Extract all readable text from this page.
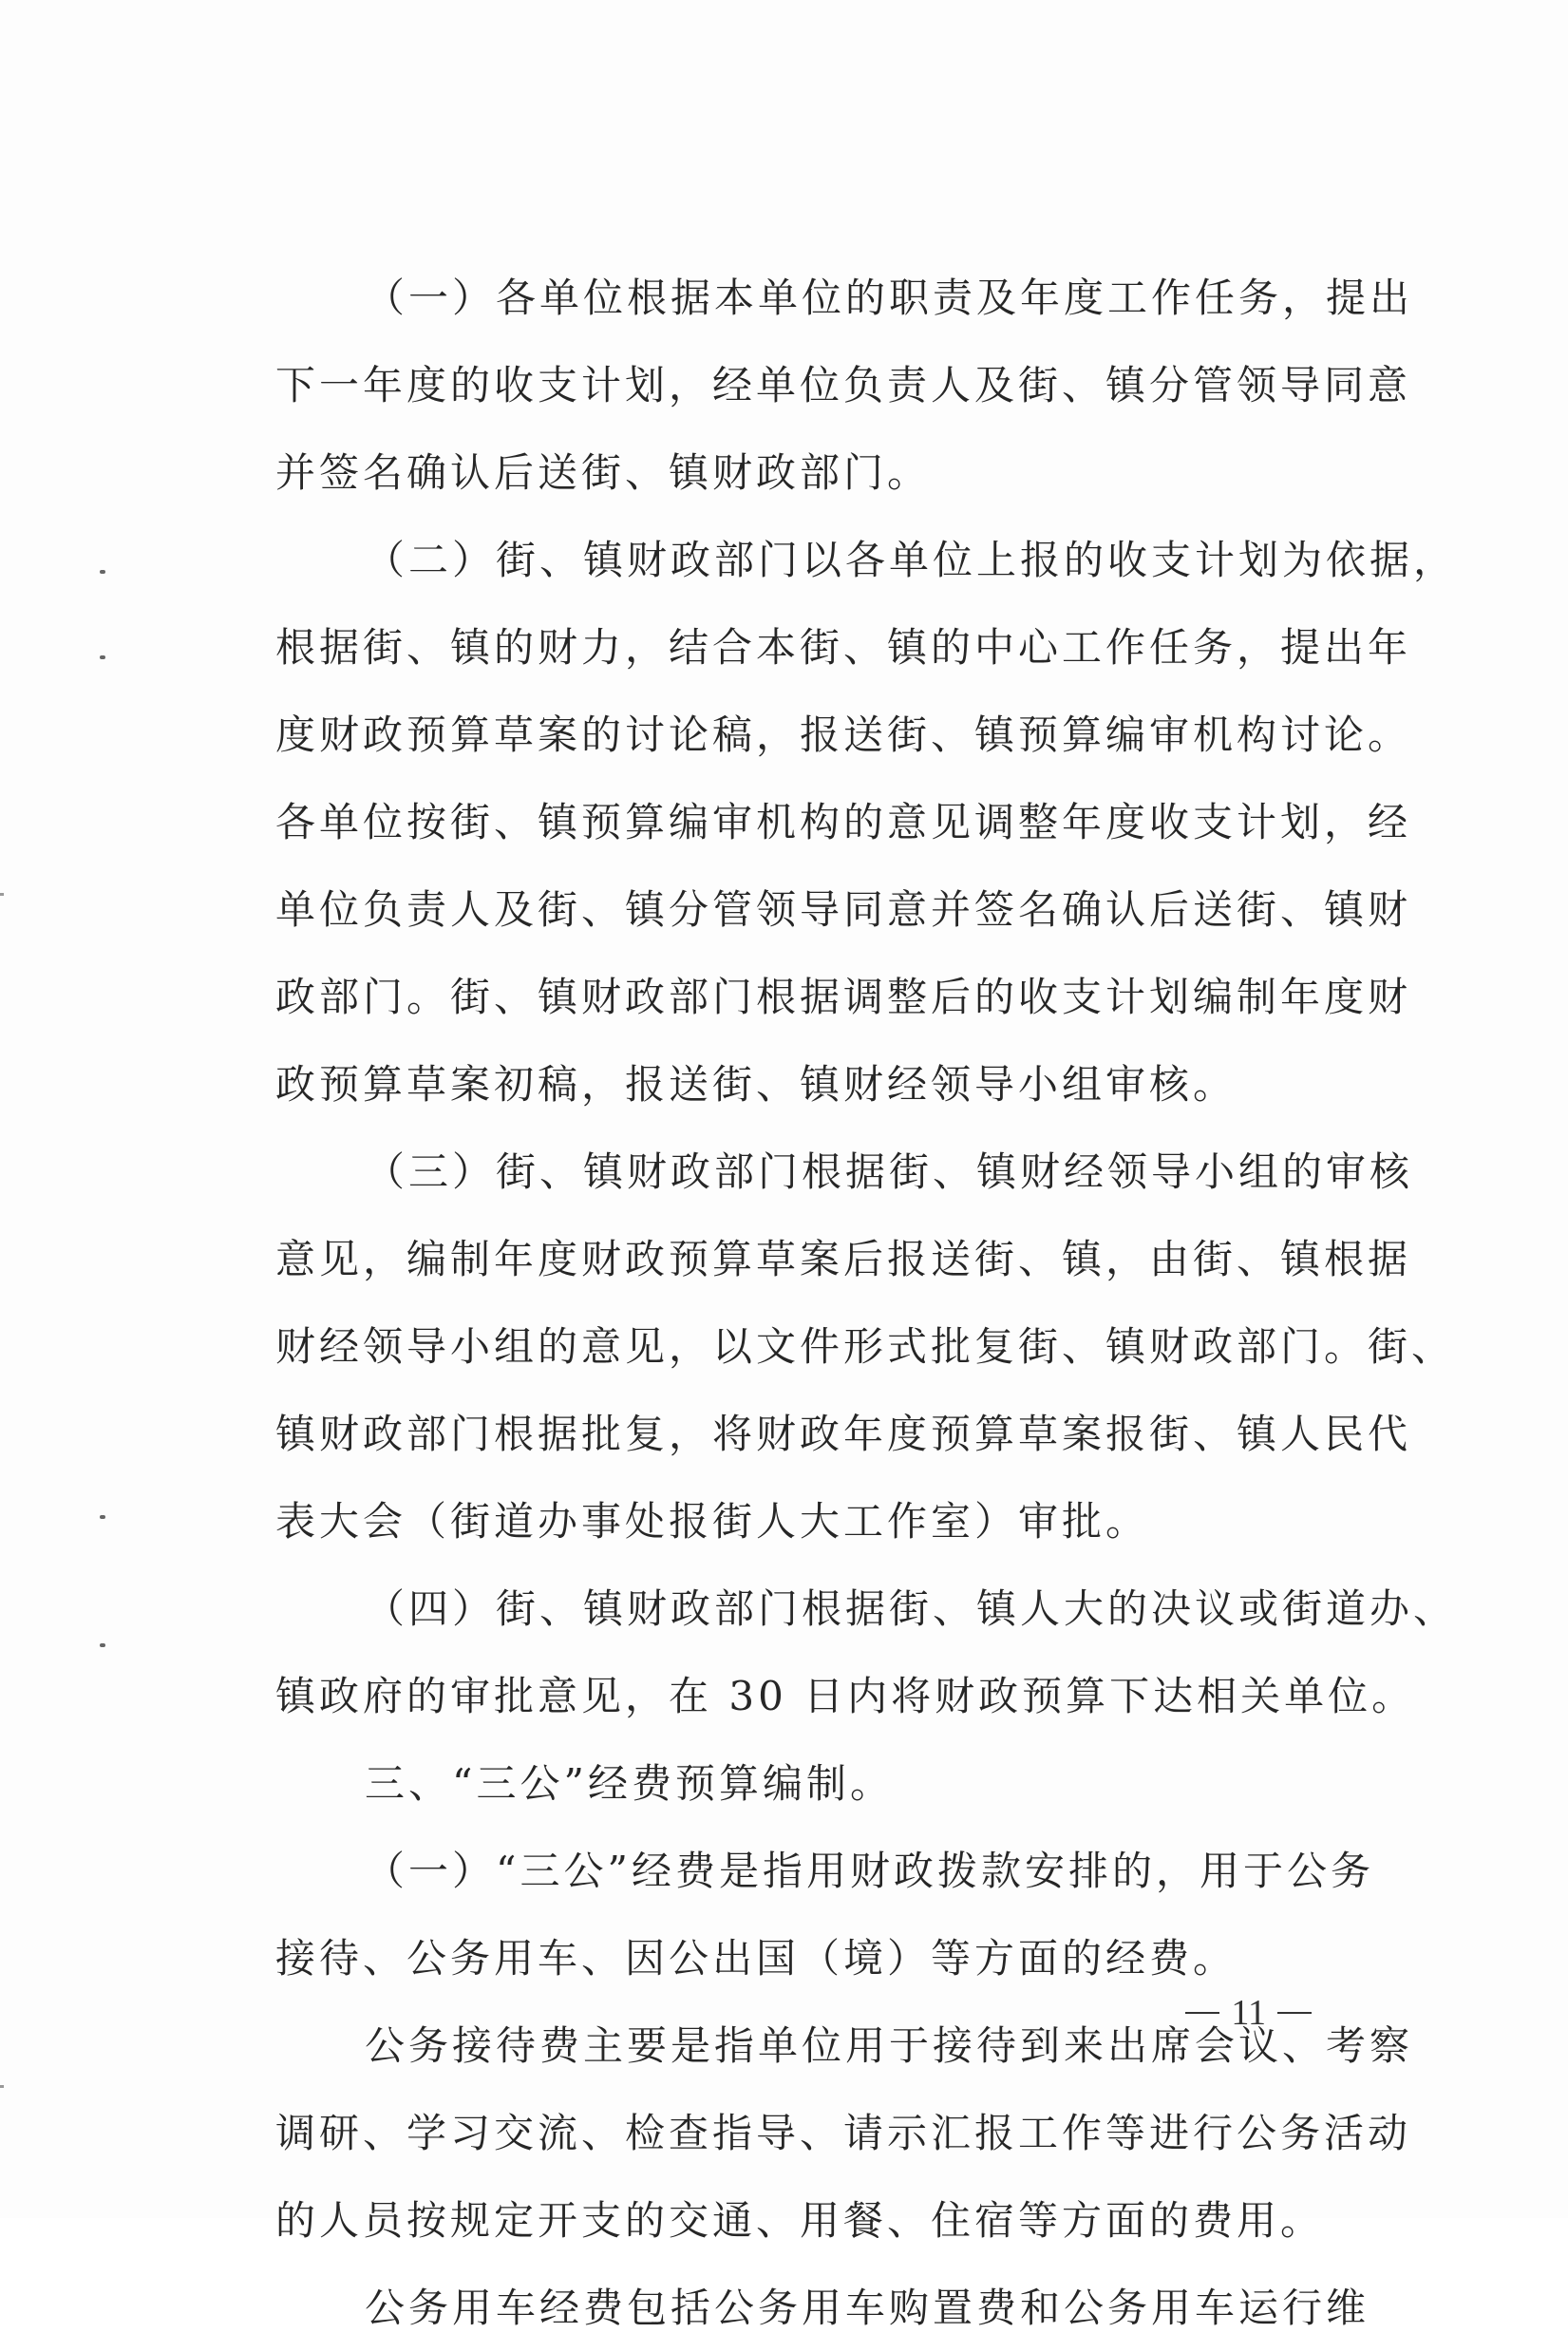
（一）各单位根据本单位的职责及年度工作任务，提出
下一年度的收支计划，经单位负责人及街、镇分管领导同意
并签名确认后送街、镇财政部门。
（二）街、镇财政部门以各单位上报的收支计划为依据，
根据街、镇的财力，结合本街、镇的中心工作任务，提出年
度财政预算草案的讨论稿，报送街、镇预算编审机构讨论。
各单位按街、镇预算编审机构的意见调整年度收支计划，经
单位负责人及街、镇分管领导同意并签名确认后送街、镇财
政部门。街、镇财政部门根据调整后的收支计划编制年度财
政预算草案初稿，报送街、镇财经领导小组审核。
（三）街、镇财政部门根据街、镇财经领导小组的审核
意见，编制年度财政预算草案后报送街、镇，由街、镇根据
财经领导小组的意见，以文件形式批复街、镇财政部门。街、
镇财政部门根据批复，将财政年度预算草案报街、镇人民代
表大会（街道办事处报街人大工作室）审批。
（四）街、镇财政部门根据街、镇人大的决议或街道办、
镇政府的审批意见，在 30 日内将财政预算下达相关单位。
三、“三公”经费预算编制。
（一）“三公”经费是指用财政拨款安排的，用于公务
接待、公务用车、因公出国（境）等方面的经费。
公务接待费主要是指单位用于接待到来出席会议、考察
调研、学习交流、检查指导、请示汇报工作等进行公务活动
的人员按规定开支的交通、用餐、住宿等方面的费用。
公务用车经费包括公务用车购置费和公务用车运行维
11
